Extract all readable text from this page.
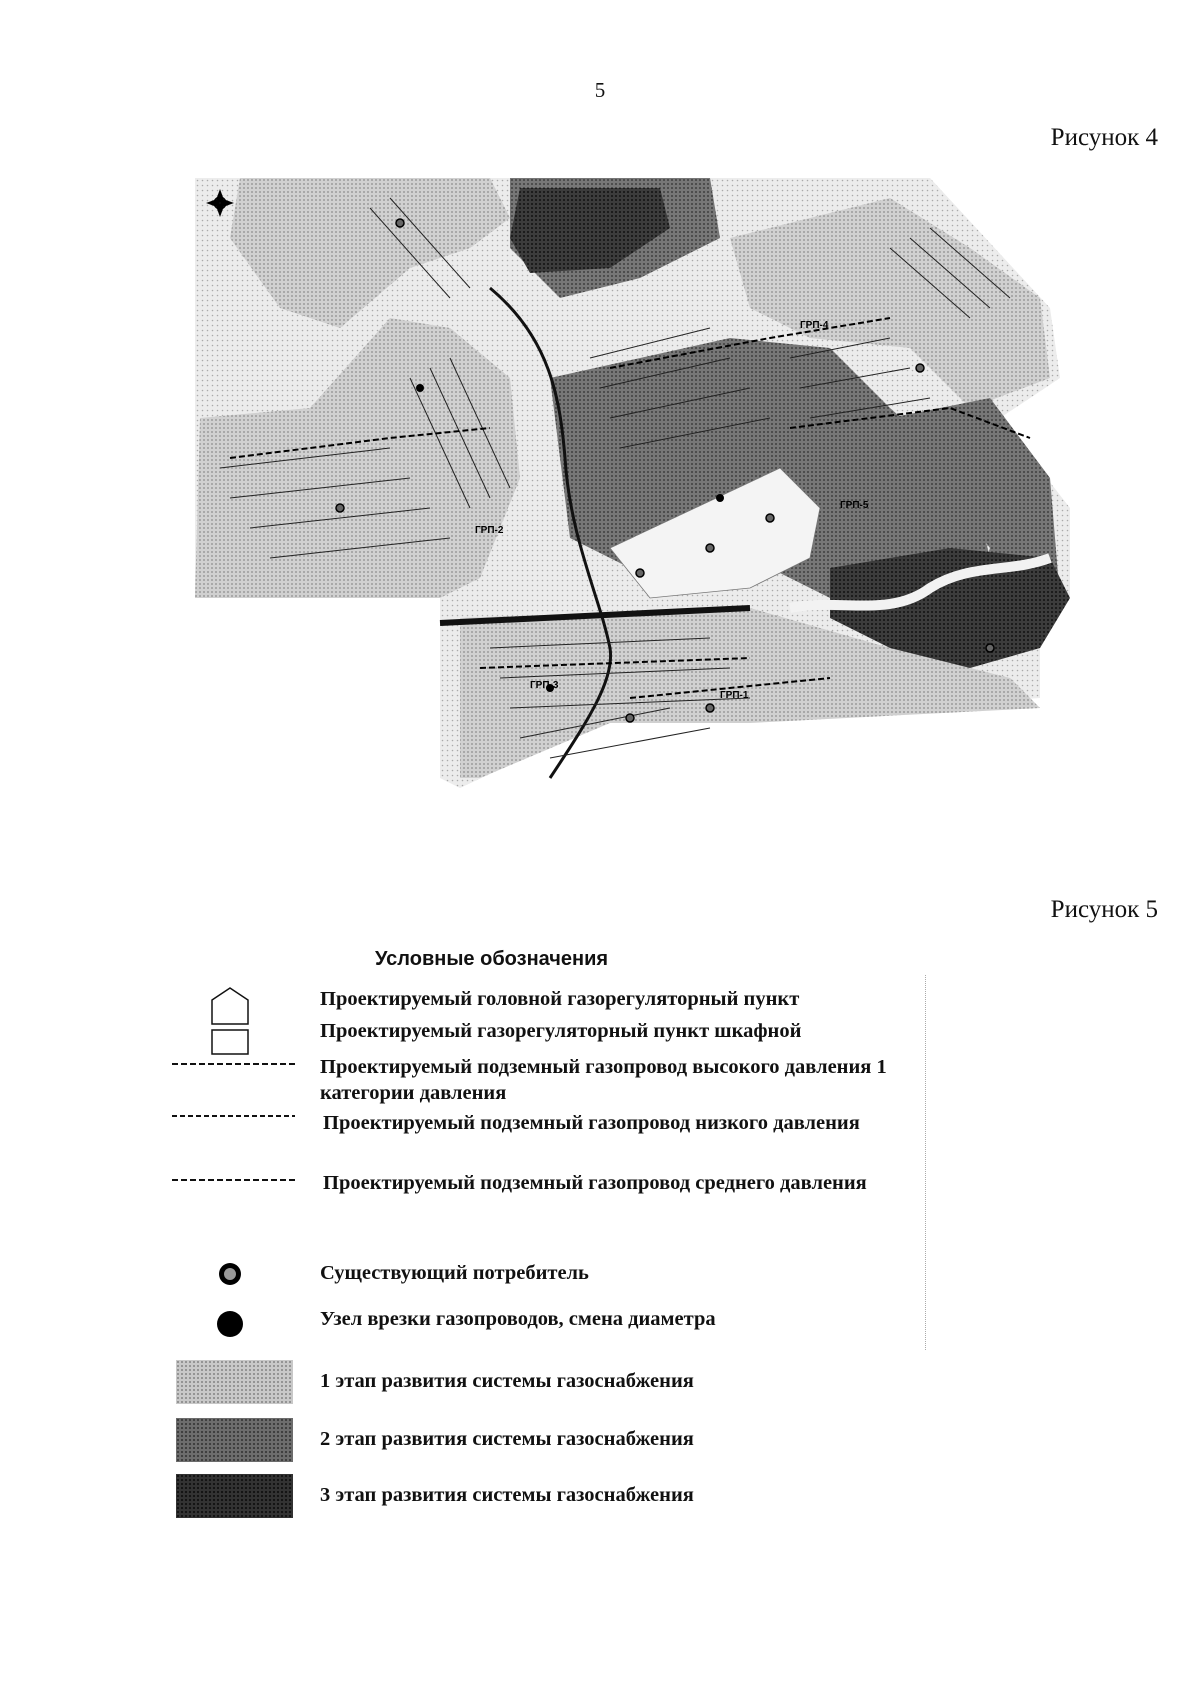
5
Рисунок 4
ГРП-2
ГРП-3
ГРП-1
ГРП-4
ГРП-5
Рисунок 5
Условные обозначения
Проектируемый головной газорегуляторный пункт
Проектируемый газорегуляторный пункт шкафной
Проектируемый подземный газопровод высокого давления 1 категории давления
Проектируемый подземный газопровод низкого давления
Проектируемый подземный газопровод среднего давления
Существующий потребитель
Узел врезки газопроводов, смена диаметра
1 этап развития системы газоснабжения
2 этап развития системы газоснабжения
3 этап развития системы газоснабжения
